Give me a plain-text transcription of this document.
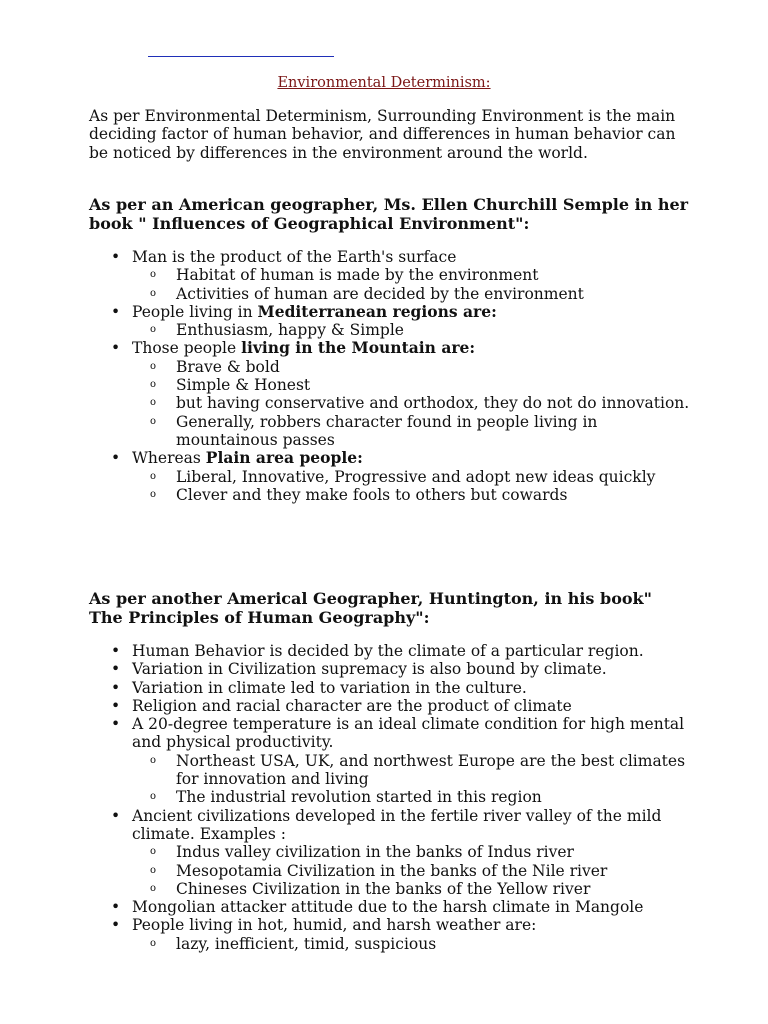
Environmental Determinism:

As per Environmental Determinism, Surrounding Environment is the main deciding factor of human behavior, and differences in human behavior can be noticed by differences in the environment around the world.

As per an American geographer, Ms. Ellen Churchill Semple in her book " Influences of Geographical Environment":
• Man is the product of the Earth's surface
o Habitat of human is made by the environment
o Activities of human are decided by the environment
• People living in Mediterranean regions are:
o Enthusiasm, happy & Simple
• Those people living in the Mountain are:
o Brave & bold
o Simple & Honest
o but having conservative and orthodox, they do not do innovation.
o Generally, robbers character found in people living in mountainous passes
• Whereas Plain area people:
o Liberal, Innovative, Progressive and adopt new ideas quickly
o Clever and they make fools to others but cowards
As per another Americal Geographer, Huntington, in his book" The Principles of Human Geography":
• Human Behavior is decided by the climate of a particular region.
• Variation in Civilization supremacy is also bound by climate.
• Variation in climate led to variation in the culture.
• Religion and racial character are the product of climate
• A 20-degree temperature is an ideal climate condition for high mental and physical productivity.
o Northeast USA, UK, and northwest Europe are the best climates for innovation and living
o The industrial revolution started in this region
• Ancient civilizations developed in the fertile river valley of the mild climate. Examples :
o Indus valley civilization in the banks of Indus river
o Mesopotamia Civilization in the banks of the Nile river
o Chineses Civilization in the banks of the Yellow river
• Mongolian attacker attitude due to the harsh climate in Mangole
• People living in hot, humid, and harsh weather are:
o lazy, inefficient, timid, suspicious
